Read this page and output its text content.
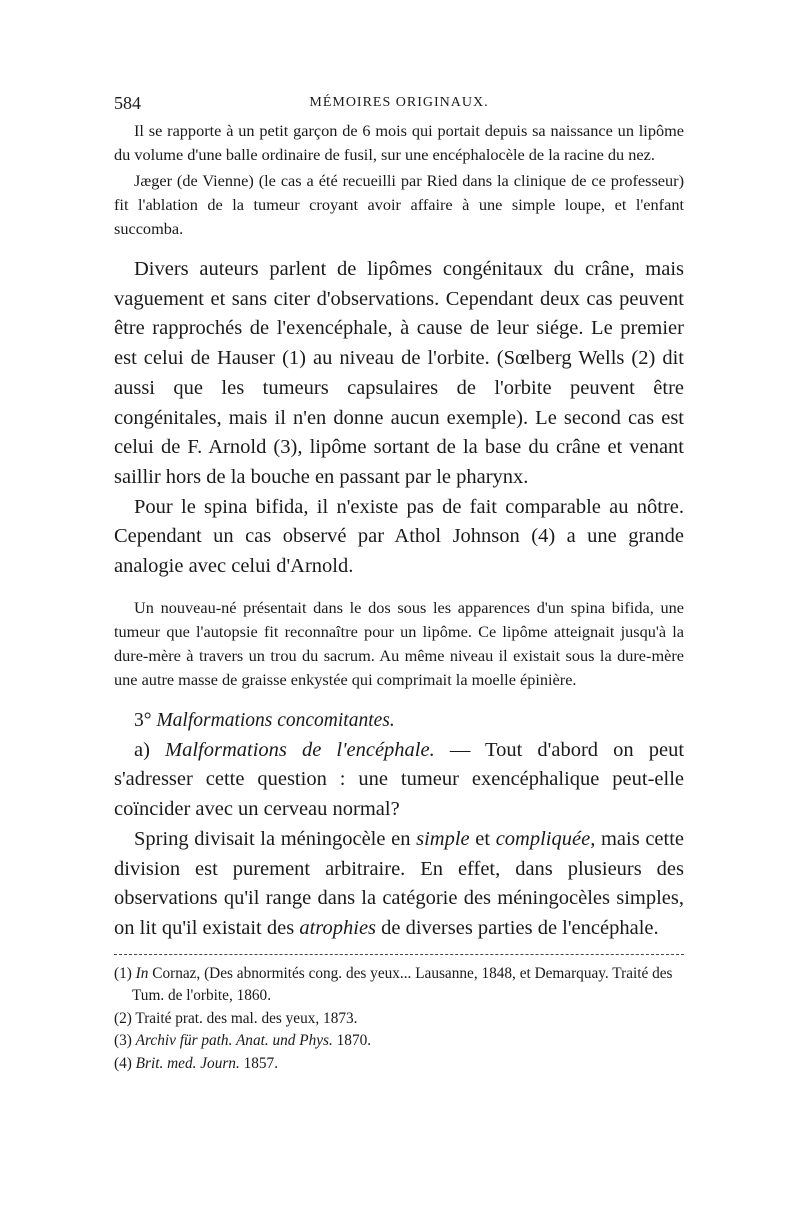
584	MÉMOIRES ORIGINAUX.

Il se rapporte à un petit garçon de 6 mois qui portait depuis sa naissance un lipôme du volume d'une balle ordinaire de fusil, sur une encéphalocèle de la racine du nez.

Jæger (de Vienne) (le cas a été recueilli par Ried dans la clinique de ce professeur) fit l'ablation de la tumeur croyant avoir affaire à une simple loupe, et l'enfant succomba.

Divers auteurs parlent de lipômes congénitaux du crâne, mais vaguement et sans citer d'observations. Cependant deux cas peuvent être rapprochés de l'exencéphale, à cause de leur siége. Le premier est celui de Hauser (1) au niveau de l'orbite. (Sœlberg Wells (2) dit aussi que les tumeurs capsulaires de l'orbite peuvent être congénitales, mais il n'en donne aucun exemple). Le second cas est celui de F. Arnold (3), lipôme sortant de la base du crâne et venant saillir hors de la bouche en passant par le pharynx.

Pour le spina bifida, il n'existe pas de fait comparable au nôtre. Cependant un cas observé par Athol Johnson (4) a une grande analogie avec celui d'Arnold.

Un nouveau-né présentait dans le dos sous les apparences d'un spina bifida, une tumeur que l'autopsie fit reconnaître pour un lipôme. Ce lipôme atteignait jusqu'à la dure-mère à travers un trou du sacrum. Au même niveau il existait sous la dure-mère une autre masse de graisse enkystée qui comprimait la moelle épinière.

3° Malformations concomitantes.

a) Malformations de l'encéphale. — Tout d'abord on peut s'adresser cette question : une tumeur exencéphalique peut-elle coïncider avec un cerveau normal?

Spring divisait la méningocèle en simple et compliquée, mais cette division est purement arbitraire. En effet, dans plusieurs des observations qu'il range dans la catégorie des méningocèles simples, on lit qu'il existait des atrophies de diverses parties de l'encéphale.

(1) In Cornaz, (Des abnormités cong. des yeux... Lausanne, 1848, et Demarquay. Traité des Tum. de l'orbite, 1860.

(2) Traité prat. des mal. des yeux, 1873.

(3) Archiv für path. Anat. und Phys. 1870.

(4) Brit. med. Journ. 1857.
